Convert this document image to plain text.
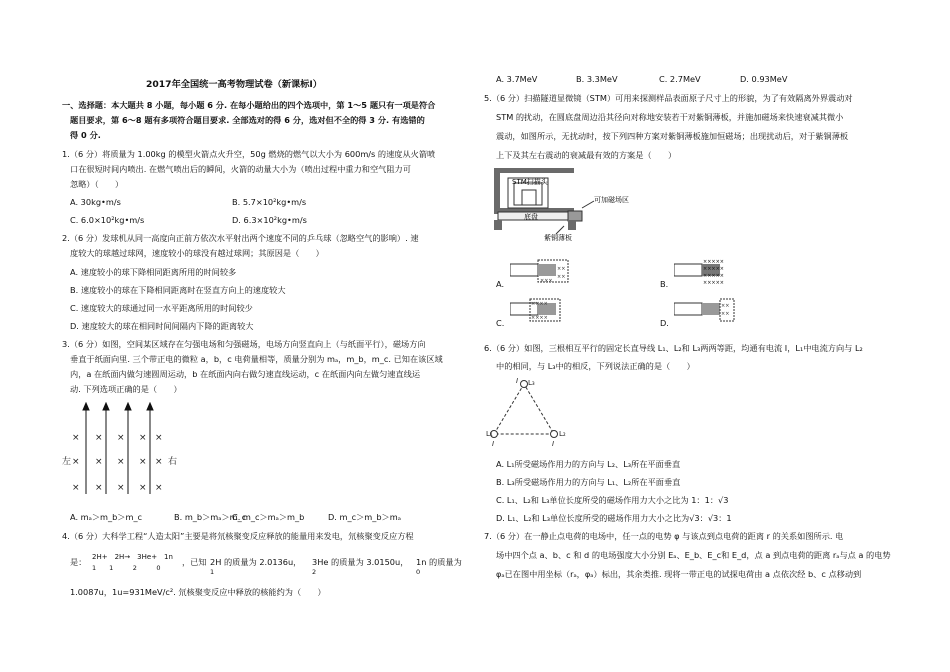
2017年全国统一高考物理试卷（新课标Ⅰ）
一、选择题：本大题共 8 小题，每小题 6 分. 在每小题给出的四个选项中，第 1～5 题只有一项是符合
题目要求，第 6～8 题有多项符合题目要求. 全部选对的得 6 分，选对但不全的得 3 分. 有选错的
得 0 分.
1.（6 分）将质量为 1.00kg 的模型火箭点火升空，50g 燃烧的燃气以大小为 600m/s 的速度从火箭喷
口在很短时间内喷出. 在燃气喷出后的瞬间，火箭的动量大小为（喷出过程中重力和空气阻力可
忽略）（　　）
A. 30kg•m/s	B. 5.7×10²kg•m/s
C. 6.0×10²kg•m/s	D. 6.3×10²kg•m/s
2.（6 分）发球机从同一高度向正前方依次水平射出两个速度不同的乒乓球（忽略空气的影响）. 速
度较大的球越过球网，速度较小的球没有越过球网；其原因是（　　）
A. 速度较小的球下降相同距离所用的时间较多
B. 速度较小的球在下降相同距离时在竖直方向上的速度较大
C. 速度较大的球通过同一水平距离所用的时间较少
D. 速度较大的球在相同时间间隔内下降的距离较大
3.（6 分）如图，空间某区域存在匀强电场和匀强磁场，电场方向竖直向上（与纸面平行），磁场方向
垂直于纸面向里. 三个带正电的微粒 a，b，c 电荷量相等，质量分别为 mₐ，m_b，m_c. 已知在该区域
内，a 在纸面内做匀速圆周运动，b 在纸面内向右做匀速直线运动，c 在纸面内向左做匀速直线运
动. 下列选项正确的是（　　）
左	右
× × × × ×
× × × × ×
× × × × ×
A. mₐ＞m_b＞m_c	B. m_b＞mₐ＞m_c
C. m_c＞mₐ＞m_b	D. m_c＞m_b＞mₐ
4.（6 分）大科学工程“人造太阳”主要是将氘核聚变反应释放的能量用来发电，氘核聚变反应方程
是： 2H+　2H→　3He+　1n
1　　1　　　2　　　0
，已知 2H 的质量为 2.0136u，
1
3He 的质量为 3.0150u，
2
1n 的质量为
0
1.0087u，1u=931MeV/c². 氘核聚变反应中释放的核能约为（　　）
A. 3.7MeV	B. 3.3MeV	C. 2.7MeV	D. 0.93MeV
5.（6 分）扫描隧道显微镜（STM）可用来探测样品表面原子尺寸上的形貌，为了有效隔离外界震动对
STM 的扰动，在圆底盘周边沿其径向对称地安装若干对紫铜薄板，并施加磁场来快速衰减其微小
震动，如图所示，无扰动时，按下列四种方案对紫铜薄板施加恒磁场；出现扰动后，对于紫铜薄板
上下及其左右震动的衰减最有效的方案是（　　）
STM扫描头
底盘
可加磁场区
紫铜薄板
A.
××
××
×××	B.
×××××
×××××
×××××
×××××
C.
××××
××××	D.
××
××
6.（6 分）如图，三根相互平行的固定长直导线 L₁、L₂和 L₃两两等距，均通有电流 I，L₁中电流方向与 L₂
中的相同，与 L₃中的相反，下列说法正确的是（　　）
L₃
I
L₁	L₂
I	I
A. L₁所受磁场作用力的方向与 L₂、L₃所在平面垂直
B. L₃所受磁场作用力的方向与 L₁、L₂所在平面垂直
C. L₁、L₂和 L₃单位长度所受的磁场作用力大小之比为 1：1：√3
D. L₁、L₂和 L₃单位长度所受的磁场作用力大小之比为√3：√3：1
7.（6 分）在一静止点电荷的电场中，任一点的电势 φ 与该点到点电荷的距离 r 的关系如图所示. 电
场中四个点 a、b、c 和 d 的电场强度大小分别 Eₐ、E_b、E_c和 E_d，点 a 到点电荷的距离 rₐ与点 a 的电势
φₐ已在图中用坐标（rₐ，φₐ）标出，其余类推. 现将一带正电的试探电荷由 a 点依次经 b、c 点移动到
